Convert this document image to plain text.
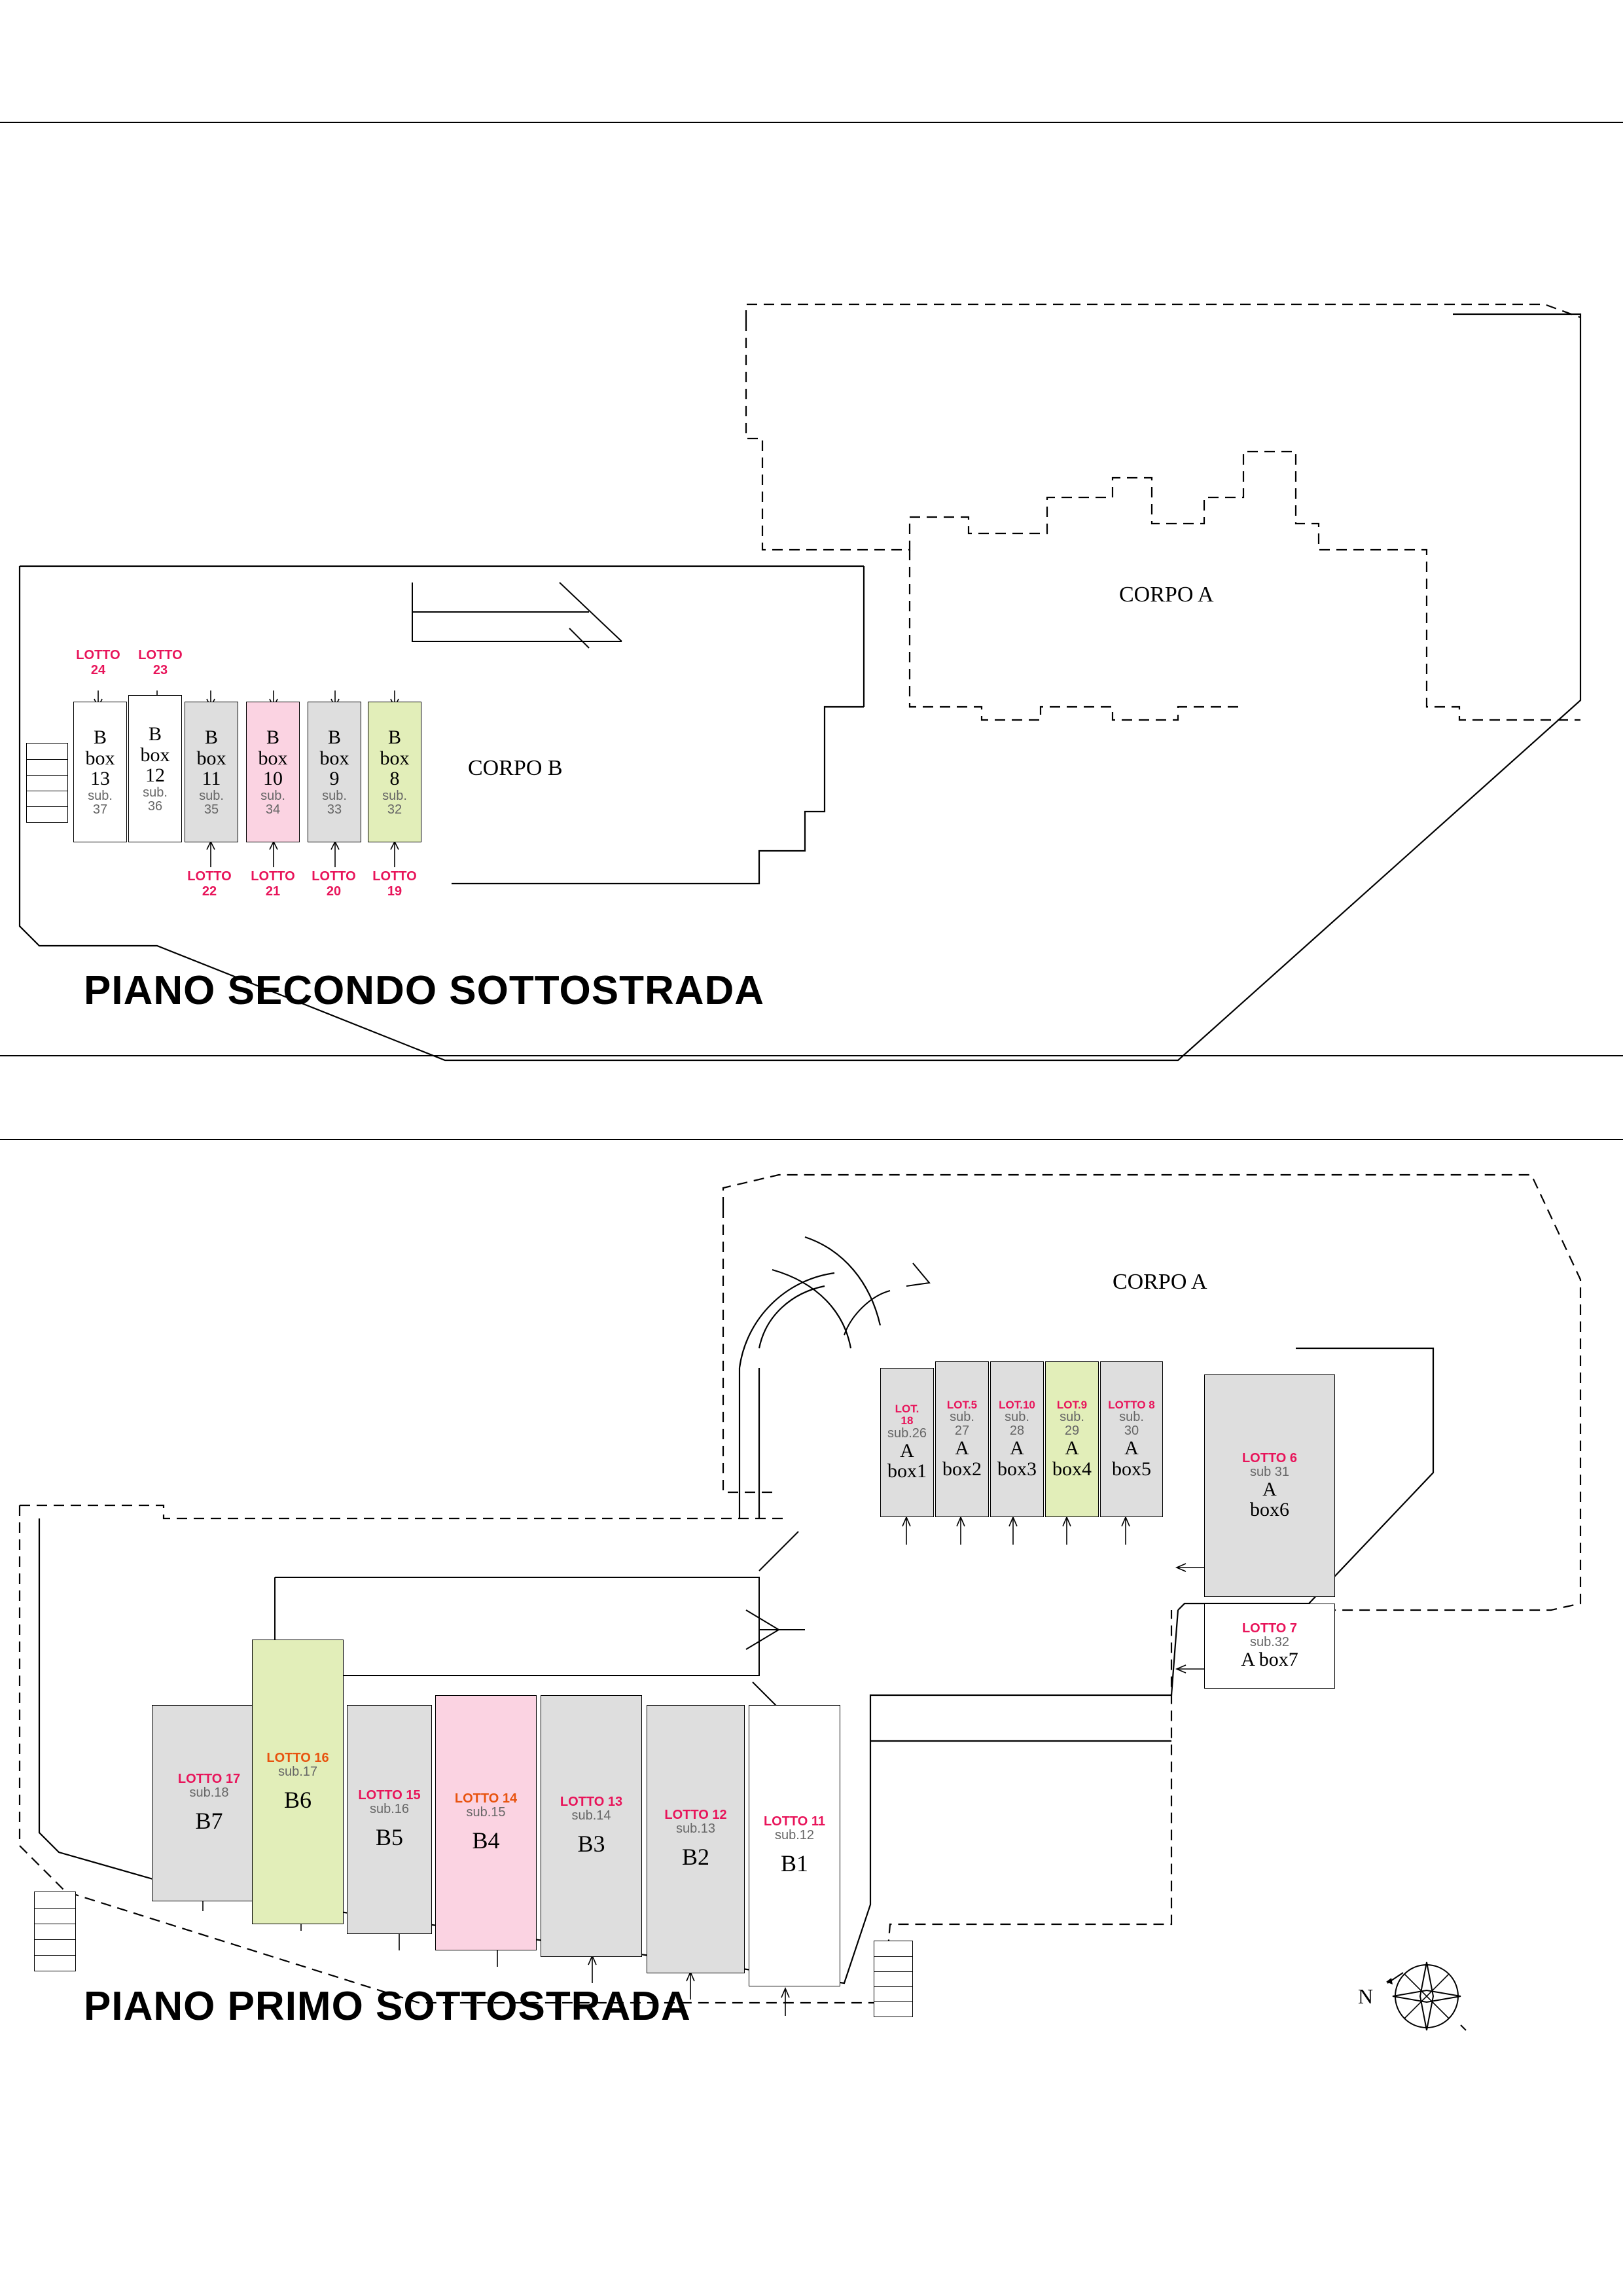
LOTTO
24
LOTTO
23
B
box
13
sub.
37
B
box
12
sub.
36
B
box
11
sub.
35
B
box
10
sub.
34
B
box
9
sub.
33
B
box
8
sub.
32
LOTTO
22
LOTTO
21
LOTTO
20
LOTTO
19
CORPO B
CORPO A
PIANO SECONDO SOTTOSTRADA
CORPO A
LOT.
18
sub.26
A
box1
LOT.5
sub.
27
A
box2
LOT.10
sub.
28
A
box3
LOT.9
sub.
29
A
box4
LOTTO 8
sub.
30
A
box5
LOTTO 6
sub 31
A
box6
LOTTO 7
sub.32
A box7
LOTTO 17
sub.18
B7
LOTTO 16
sub.17
B6	LOTTO 15
sub.16
B5
LOTTO 14
sub.15
B4
LOTTO 13
sub.14
B3
LOTTO 12
sub.13
B2
LOTTO 11
sub.12
B1
N
PIANO PRIMO SOTTOSTRADA
